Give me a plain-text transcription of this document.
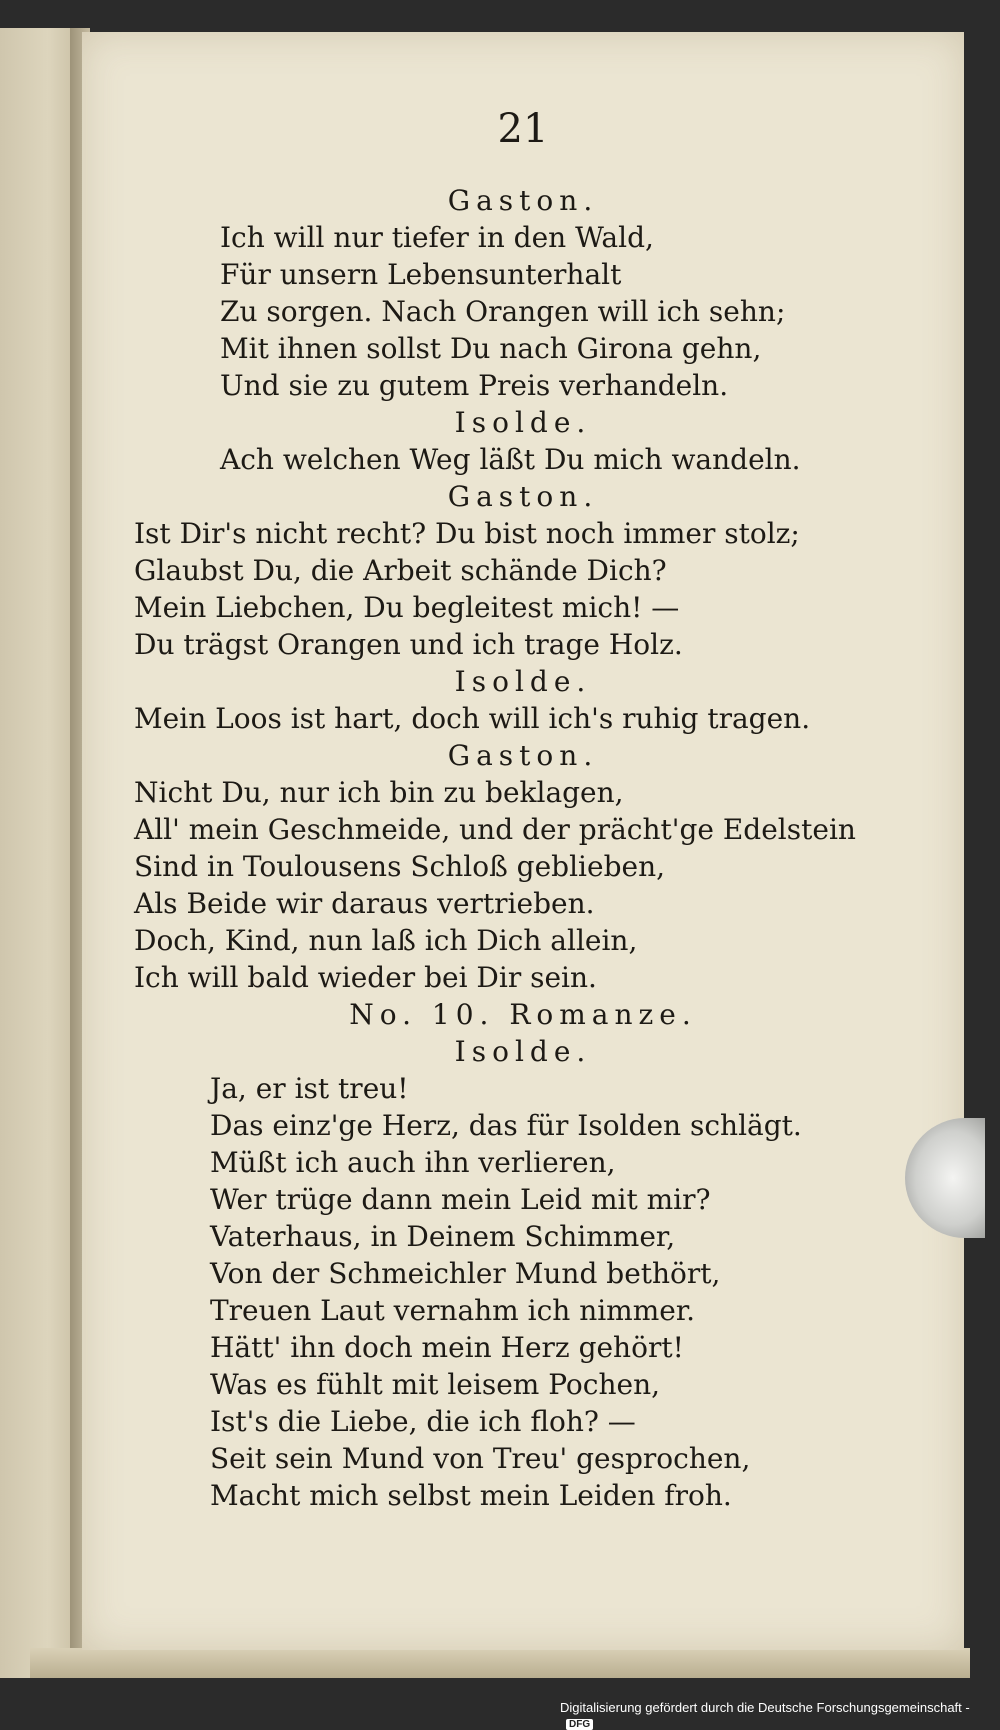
21
Gaston.
Ich will nur tiefer in den Wald,
Für unsern Lebensunterhalt
Zu sorgen. Nach Orangen will ich sehn;
Mit ihnen sollst Du nach Girona gehn,
Und sie zu gutem Preis verhandeln.
Isolde.
Ach welchen Weg läßt Du mich wandeln.
Gaston.
Ist Dir's nicht recht? Du bist noch immer stolz;
Glaubst Du, die Arbeit schände Dich?
Mein Liebchen, Du begleitest mich! —
Du trägst Orangen und ich trage Holz.
Isolde.
Mein Loos ist hart, doch will ich's ruhig tragen.
Gaston.
Nicht Du, nur ich bin zu beklagen,
All' mein Geschmeide, und der prächt'ge Edelstein
Sind in Toulousens Schloß geblieben,
Als Beide wir daraus vertrieben.
Doch, Kind, nun laß ich Dich allein,
Ich will bald wieder bei Dir sein.
No. 10. Romanze.
Isolde.
Ja, er ist treu!
Das einz'ge Herz, das für Isolden schlägt.
Müßt ich auch ihn verlieren,
Wer trüge dann mein Leid mit mir?
Vaterhaus, in Deinem Schimmer,
Von der Schmeichler Mund bethört,
Treuen Laut vernahm ich nimmer.
Hätt' ihn doch mein Herz gehört!
Was es fühlt mit leisem Pochen,
Ist's die Liebe, die ich floh? —
Seit sein Mund von Treu' gesprochen,
Macht mich selbst mein Leiden froh.
Digitalisierung gefördert durch die Deutsche Forschungsgemeinschaft -DFG
